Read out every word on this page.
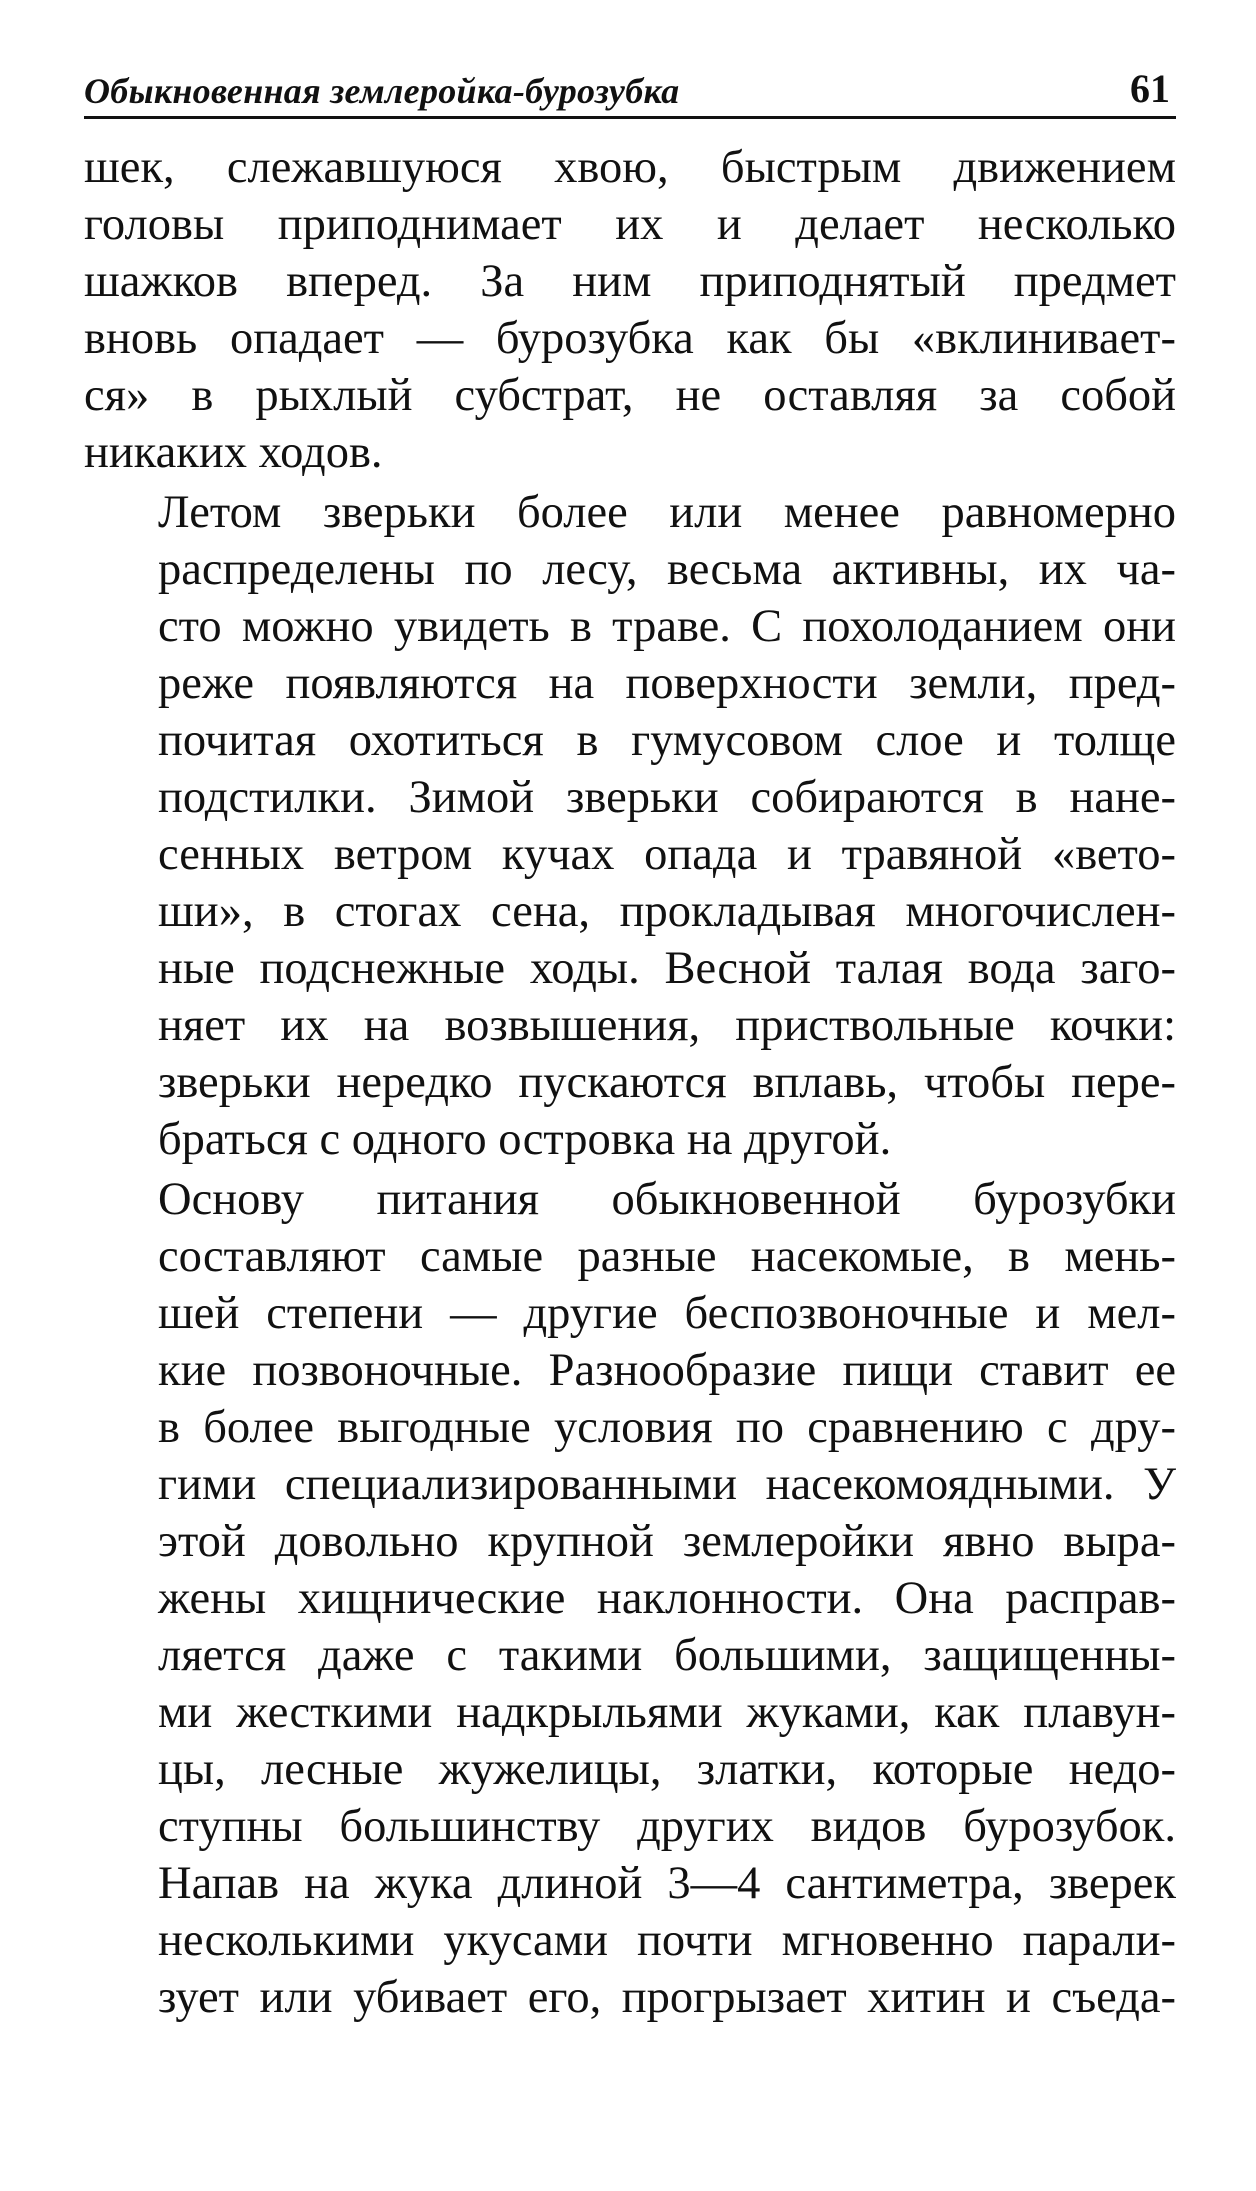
Обыкновенная землеройка-бурозубка	61

шек, слежавшуюся хвою, быстрым движением
головы приподнимает их и делает несколько
шажков вперед. За ним приподнятый предмет
вновь опадает — бурозубка как бы «вклинивает-
ся» в рыхлый субстрат, не оставляя за собой
никаких ходов.

Летом зверьки более или менее равномерно
распределены по лесу, весьма активны, их ча-
сто можно увидеть в траве. С похолоданием они
реже появляются на поверхности земли, пред-
почитая охотиться в гумусовом слое и толще
подстилки. Зимой зверьки собираются в нане-
сенных ветром кучах опада и травяной «вето-
ши», в стогах сена, прокладывая многочислен-
ные подснежные ходы. Весной талая вода заго-
няет их на возвышения, приствольные кочки:
зверьки нередко пускаются вплавь, чтобы пере-
браться с одного островка на другой.

Основу питания обыкновенной бурозубки
составляют самые разные насекомые, в мень-
шей степени — другие беспозвоночные и мел-
кие позвоночные. Разнообразие пищи ставит ее
в более выгодные условия по сравнению с дру-
гими специализированными насекомоядными. У
этой довольно крупной землеройки явно выра-
жены хищнические наклонности. Она расправ-
ляется даже с такими большими, защищенны-
ми жесткими надкрыльями жуками, как плавун-
цы, лесные жужелицы, златки, которые недо-
ступны большинству других видов бурозубок.
Напав на жука длиной 3—4 сантиметра, зверек
несколькими укусами почти мгновенно парали-
зует или убивает его, прогрызает хитин и съеда-
